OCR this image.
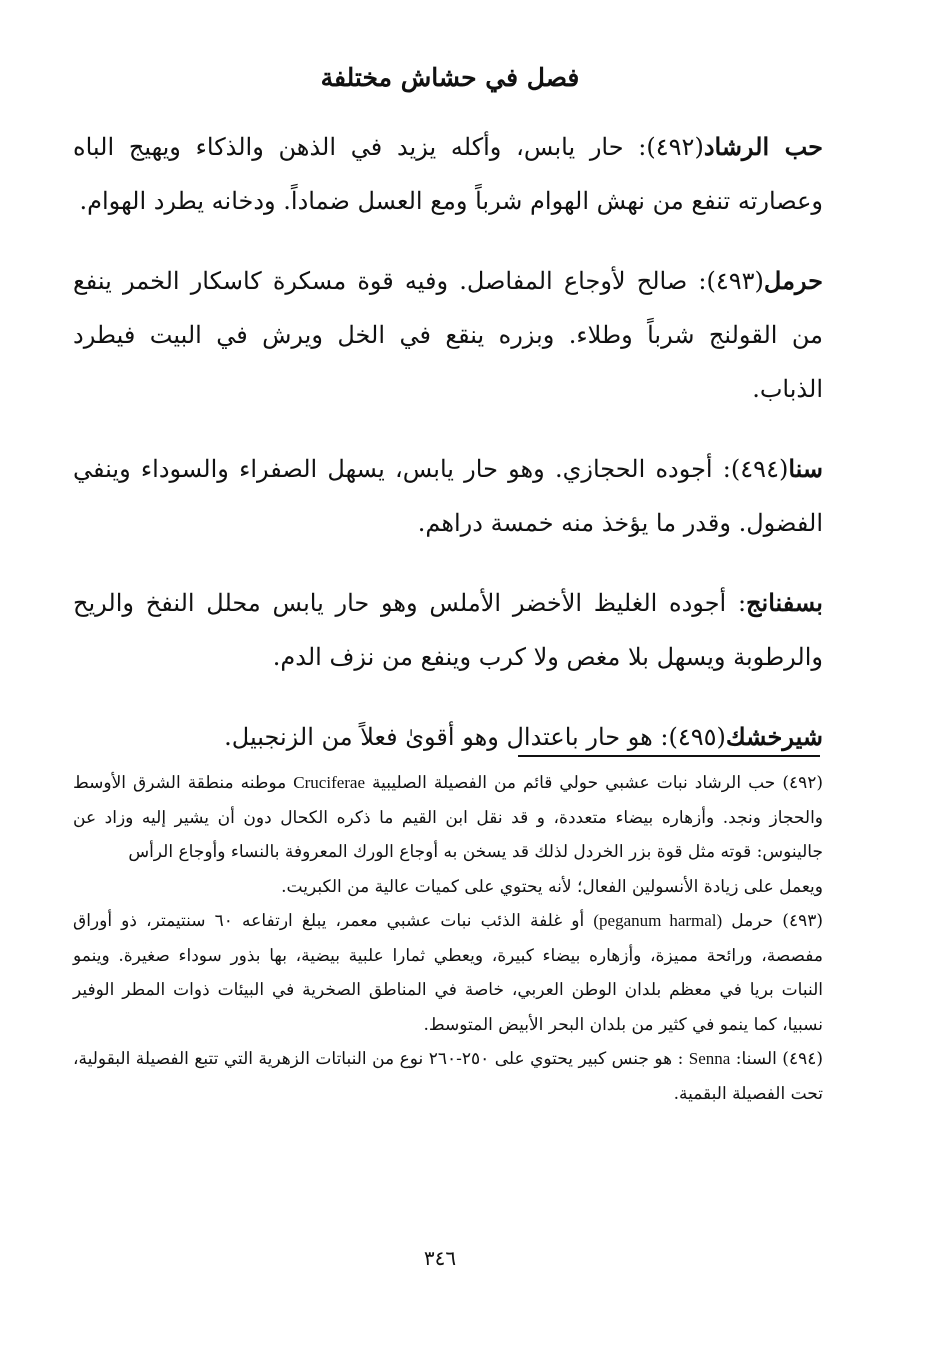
فصل في حشاش مختلفة

حب الرشاد(٤٩٢): حار يابس، وأكله يزيد في الذهن والذكاء ويهيج الباه وعصارته تنفع من نهش الهوام شرباً ومع العسل ضماداً. ودخانه يطرد الهوام.

حرمل(٤٩٣): صالح لأوجاع المفاصل. وفيه قوة مسكرة كاسكار الخمر ينفع من القولنج شرباً وطلاء. وبزره ينقع في الخل ويرش في البيت فيطرد الذباب.

سنا(٤٩٤): أجوده الحجازي. وهو حار يابس، يسهل الصفراء والسوداء وينفي الفضول. وقدر ما يؤخذ منه خمسة دراهم.

بسفنانج: أجوده الغليظ الأخضر الأملس وهو حار يابس محلل النفخ والريح والرطوبة ويسهل بلا مغص ولا كرب وينفع من نزف الدم.

شيرخشك(٤٩٥): هو حار باعتدال وهو أقوىٰ فعلاً من الزنجبيل.

(٤٩٢) حب الرشاد نبات عشبي حولي قائم من الفصيلة الصليبية Cruciferae موطنه منطقة الشرق الأوسط والحجاز ونجد. وأزهاره بيضاء متعددة، و قد نقل ابن القيم ما ذكره الكحال دون أن يشير إليه وزاد عن جالينوس: قوته مثل قوة بزر الخردل لذلك قد يسخن به أوجاع الورك المعروفة بالنساء وأوجاع الرأس

ويعمل على زيادة الأنسولين الفعال؛ لأنه يحتوي على كميات عالية من الكبريت.

(٤٩٣) حرمل (peganum harmal) أو غلفة الذئب نبات عشبي معمر، يبلغ ارتفاعه ٦٠ سنتيمتر، ذو أوراق مفصصة، ورائحة مميزة، وأزهاره بيضاء كبيرة، ويعطي ثمارا علبية بيضية، بها بذور سوداء صغيرة. وينمو النبات بريا في معظم بلدان الوطن العربي، خاصة في المناطق الصخرية في البيئات ذوات المطر الوفير نسبيا، كما ينمو في كثير من بلدان البحر الأبيض المتوسط.

(٤٩٤) السنا: Senna : هو جنس كبير يحتوي على ٢٥٠-٢٦٠ نوع من النباتات الزهرية التي تتبع الفصيلة البقولية، تحت الفصيلة البقمية.

٣٤٦
